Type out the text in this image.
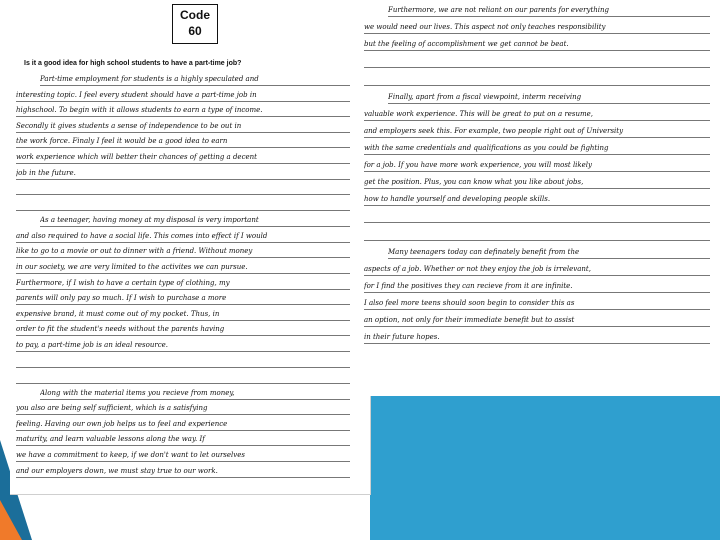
Code
60
Is it a good idea for high school students to have a part-time job?
Part-time employment for students is a highly speculated and
interesting topic. I feel every student should have a part-time job in
highschool. To begin with it allows students to earn a type of income.
Secondly it gives students a sense of independence to be out in
the work force. Finaly I feel it would be a good idea to earn
work experience which will better their chances of getting a decent
job in the future.
As a teenager, having money at my disposal is very important
and also required to have a social life. This comes into effect if I would
like to go to a movie or out to dinner with a friend. Without money
in our society, we are very limited to the activites we can pursue.
Furthermore, if I wish to have a certain type of clothing, my
parents will only pay so much. If I wish to purchase a more
expensive brand, it must come out of my pocket. Thus, in
order to fit the student's needs without the parents having
to pay, a part-time job is an ideal resource.
Along with the material items you recieve from money,
you also are being self sufficient, which is a satisfying
feeling. Having our own job helps us to feel and experience
maturity, and learn valuable lessons along the way. If
we have a commitment to keep, if we don't want to let ourselves
and our employers down, we must stay true to our work.
Furthermore, we are not reliant on our parents for everything
we would need our lives. This aspect not only teaches responsibility
but the feeling of accomplishment we get cannot be beat.
Finally, apart from a fiscal viewpoint, interm receiving
valuable work experience. This will be great to put on a resume,
and employers seek this. For example, two people right out of University
with the same credentials and qualifications as you could be fighting
for a job. If you have more work experience, you will most likely
get the position. Plus, you can know what you like about jobs,
how to handle yourself and developing people skills.
Many teenagers today can definately benefit from the
aspects of a job. Whether or not they enjoy the job is irrelevant,
for I find the positives they can recieve from it are infinite.
I also feel more teens should soon begin to consider this as
an option, not only for their immediate benefit but to assist
in their future hopes.
